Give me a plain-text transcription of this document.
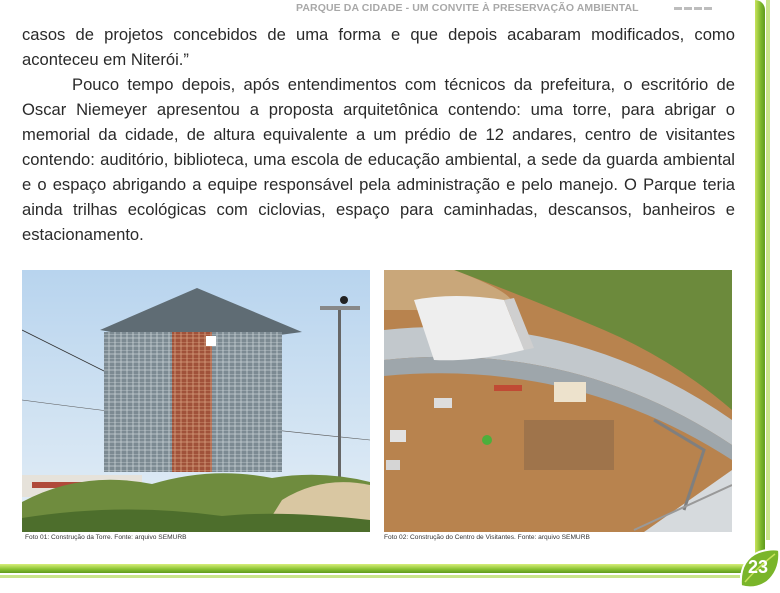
PARQUE DA CIDADE - UM CONVITE À PRESERVAÇÃO AMBIENTAL

casos de projetos concebidos de uma forma e que depois acabaram modificados, como aconteceu em Niterói.”

Pouco tempo depois, após entendimentos com técnicos da prefeitura, o escritório de Oscar Niemeyer apresentou a proposta arquitetônica contendo: uma torre, para abrigar o memorial da cidade, de altura equivalente a um prédio de 12 andares, centro de visitantes contendo: auditório, biblioteca, uma escola de educação ambiental, a sede da guarda ambiental e o espaço abrigando a equipe responsável pela administração e pelo manejo. O Parque teria ainda trilhas ecológicas com ciclovias, espaço para caminhadas, descansos, banheiros e estacionamento.

Foto 01: Construção da Torre. Fonte: arquivo SEMURB	Foto 02: Construção do Centro de Visitantes. Fonte: arquivo SEMURB
23
